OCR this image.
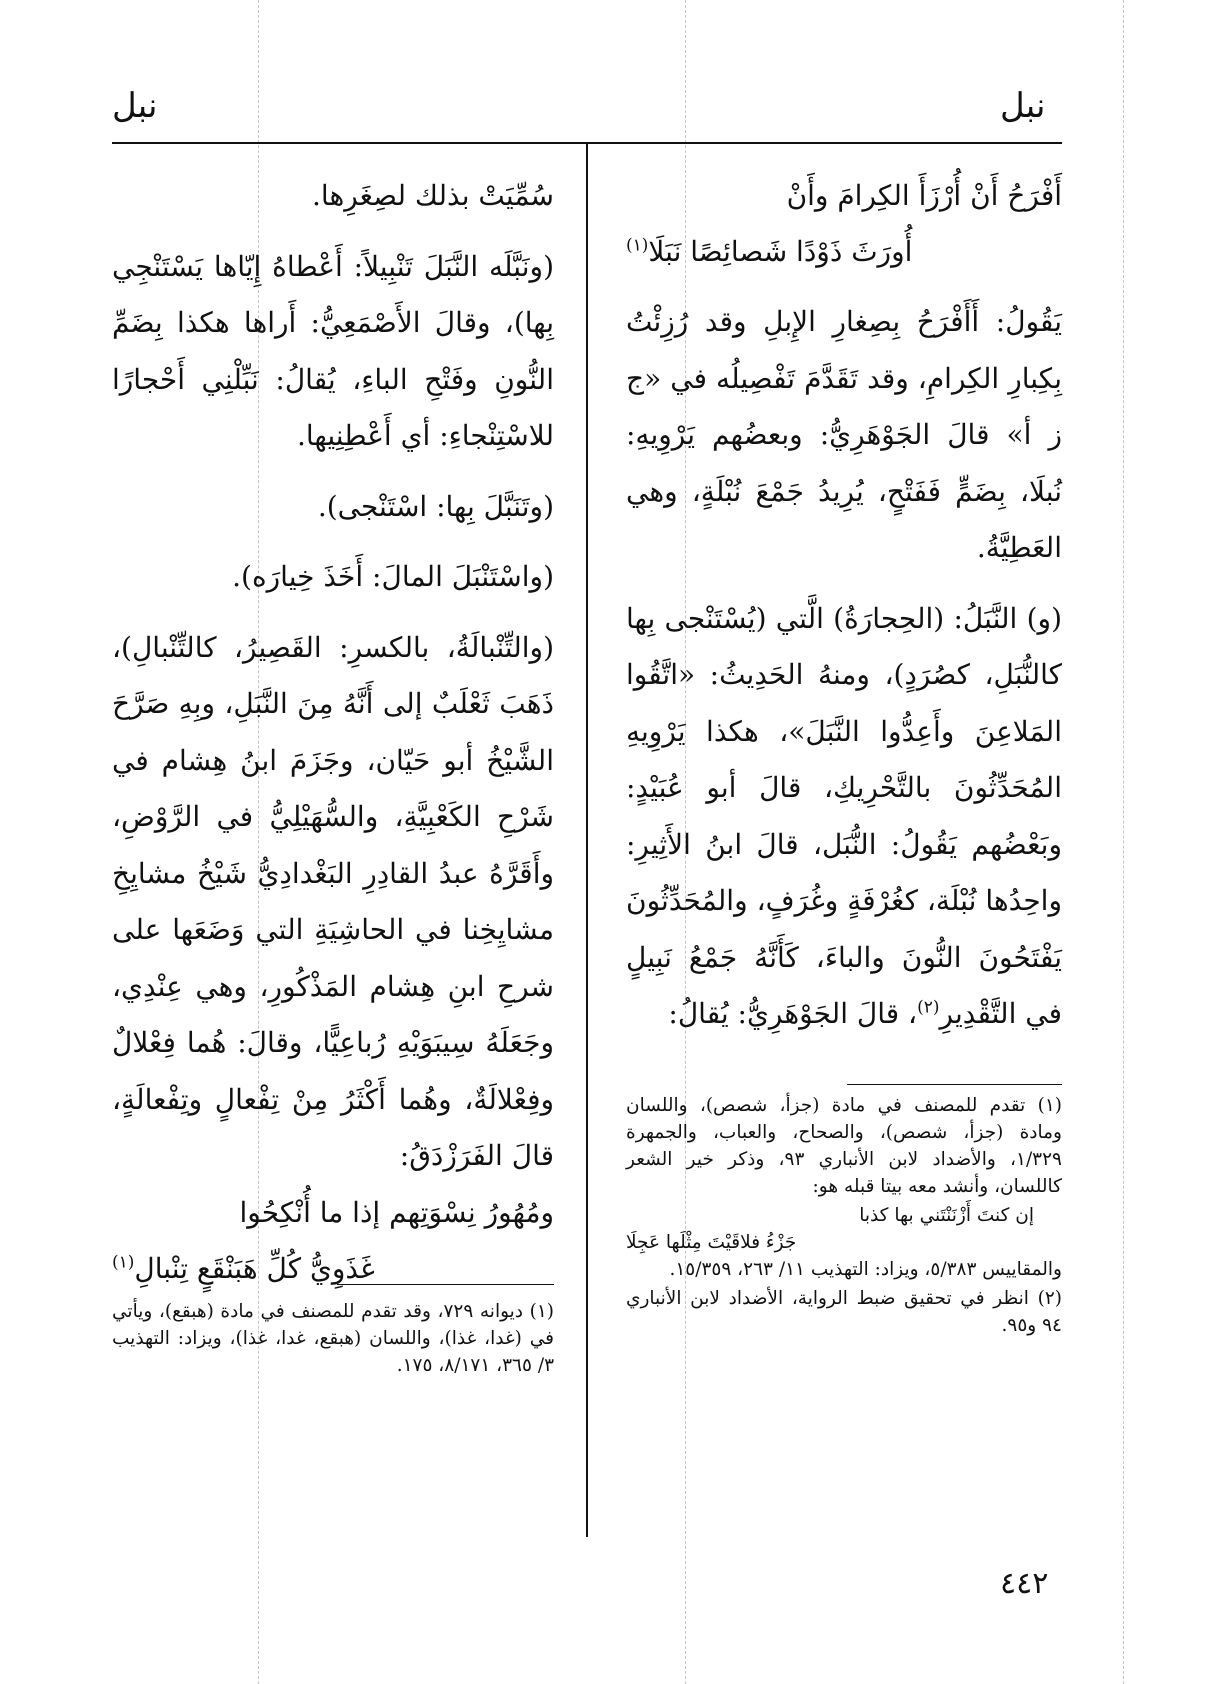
نبل
نبل

أَفْرَحُ أَنْ أُرْزَأَ الكِرامَ وأَنْ

أُورَثَ ذَوْدًا شَصائِصًا نَبَلَا$^{(١)}$

يَقُولُ: أَأَفْرَحُ بِصِغارِ الإِبلِ وقد رُزِئْتُ بِكِبارِ الكِرامِ، وقد تَقَدَّمَ تَفْصِيلُه في «ج ز أ» قالَ الجَوْهَرِيُّ: وبعضُهم يَرْوِيهِ: نُبلَا، بِضَمٍّ فَفَتْحٍ، يُرِيدُ جَمْعَ نُبْلَةٍ، وهي العَطِيَّةُ.

(و) النَّبَلُ: (الحِجارَةُ) الَّتي (يُسْتَنْجى بِها كالنُّبَلِ، كصُرَدٍ)، ومنهُ الحَدِيثُ: «اتَّقُوا المَلاعِنَ وأَعِدُّوا النَّبَلَ»، هكذا يَرْوِيهِ المُحَدِّثُونَ بالتَّحْرِيكِ، قالَ أبو عُبَيْدٍ: وبَعْضُهم يَقُولُ: النُّبَل، قالَ ابنُ الأَثِيرِ: واحِدُها نُبْلَة، كغُرْفَةٍ وغُرَفٍ، والمُحَدِّثُونَ يَفْتَحُونَ النُّونَ والباءَ، كَأَنَّهُ جَمْعُ نَبِيلٍ في التَّقْدِيرِ$^{(٢)}$، قالَ الجَوْهَرِيُّ: يُقالُ:

سُمِّيَتْ بذلك لصِغَرِها.

(ونَبَّلَه النَّبَلَ تَنْبِيلاً: أَعْطاهُ إِيّاها يَسْتَنْجِي بِها)، وقالَ الأَصْمَعِيُّ: أَراها هكذا بِضَمِّ النُّونِ وفَتْحِ الباءِ، يُقالُ: نَبِّلْنِي أَحْجارًا للاسْتِنْجاءِ: أي أَعْطِنِيها.

(وتَنَبَّلَ بِها: اسْتَنْجى).

(واسْتَنْبَلَ المالَ: أَخَذَ خِيارَه).

(والتِّنْبالَةُ، بالكسرِ: القَصِيرُ، كالتِّنْبالِ)، ذَهَبَ ثَعْلَبٌ إلى أَنَّهُ مِنَ النَّبَلِ، وبِهِ صَرَّحَ الشَّيْخُ أبو حَيّان، وجَزَمَ ابنُ هِشام في شَرْحِ الكَعْبِيَّةِ، والسُّهَيْلِيُّ في الرَّوْضِ، وأَقَرَّهُ عبدُ القادِرِ البَغْدادِيُّ شَيْخُ مشايِخِ مشايِخِنا في الحاشِيَةِ التي وَضَعَها على شرحِ ابنِ هِشام المَذْكُورِ، وهي عِنْدِي، وجَعَلَهُ سِيبَوَيْهِ رُباعِيًّا، وقالَ: هُما فِعْلالٌ وفِعْلالَةٌ، وهُما أَكْثَرُ مِنْ تِفْعالٍ وتِفْعالَةٍ، قالَ الفَرَزْدَقُ:

ومُهُورُ نِسْوَتِهم إذا ما أُنْكِحُوا

غَذَوِيُّ كُلِّ هَبَنْقَعٍ تِنْبالِ$^{(١)}$

(١) تقدم للمصنف في مادة (جزأ، شصص)، واللسان ومادة (جزأ، شصص)، والصحاح، والعباب، والجمهرة ١/٣٢٩، والأضداد لابن الأنباري ٩٣، وذكر خير الشعر كاللسان، وأنشد معه بيتا قبله هو:

إن كنتَ أَزْنَنْتَني بها كذبا

جَزْءُ فلاقَيْتَ مِثْلَها عَجِلَا

والمقاييس ٥/٣٨٣، ويزاد: التهذيب ١١/ ٢٦٣، ١٥/٣٥٩.

(٢) انظر في تحقيق ضبط الرواية، الأضداد لابن الأنباري ٩٤ و٩٥.

(١) ديوانه ٧٢٩، وقد تقدم للمصنف في مادة (هبقع)، ويأتي في (غدا، غذا)، واللسان (هبقع، غدا، غذا)، ويزاد: التهذيب ٣/ ٣٦٥، ٨/١٧١، ١٧٥.

٤٤٢
